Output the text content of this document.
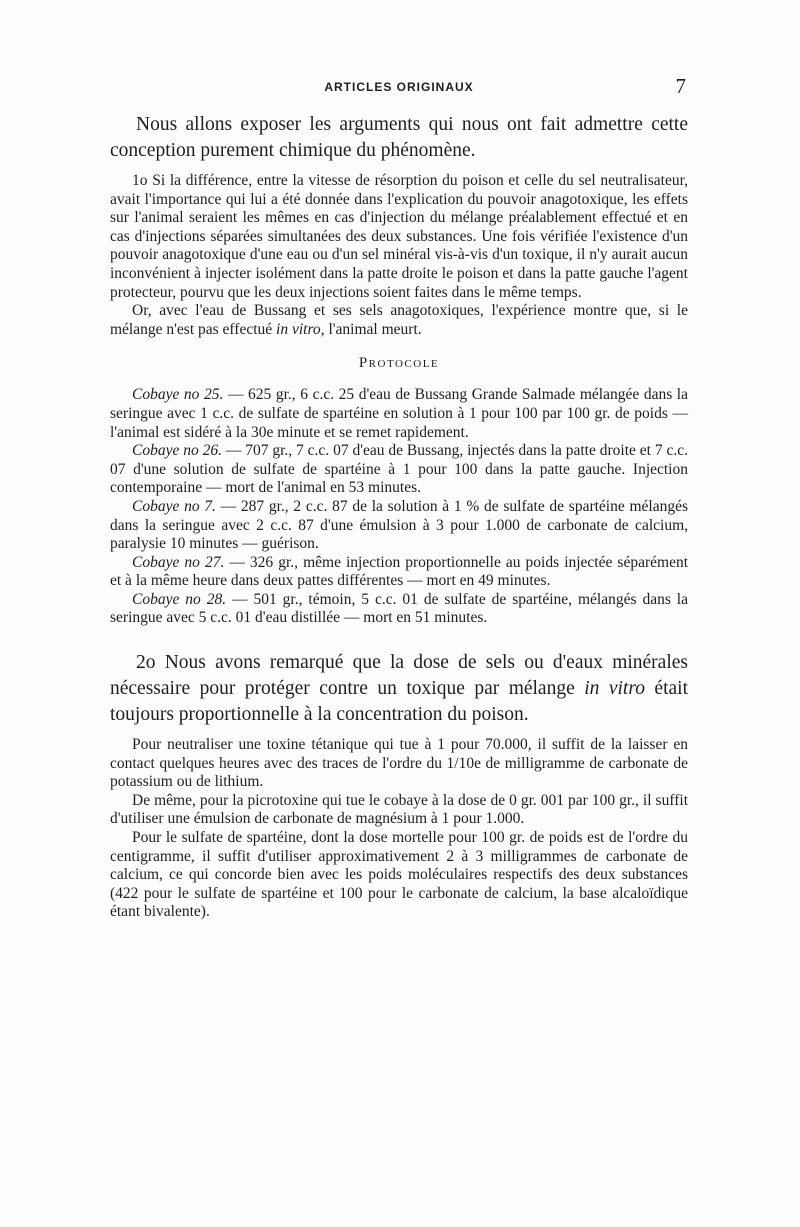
ARTICLES ORIGINAUX	7

Nous allons exposer les arguments qui nous ont fait admettre cette conception purement chimique du phénomène.

1o Si la différence, entre la vitesse de résorption du poison et celle du sel neutralisateur, avait l'importance qui lui a été donnée dans l'explication du pouvoir anagotoxique, les effets sur l'animal seraient les mêmes en cas d'injection du mélange préalablement effectué et en cas d'injections séparées simultanées des deux substances. Une fois vérifiée l'existence d'un pouvoir anagotoxique d'une eau ou d'un sel minéral vis-à-vis d'un toxique, il n'y aurait aucun inconvénient à injecter isolément dans la patte droite le poison et dans la patte gauche l'agent protecteur, pourvu que les deux injections soient faites dans le même temps.

Or, avec l'eau de Bussang et ses sels anagotoxiques, l'expérience montre que, si le mélange n'est pas effectué in vitro, l'animal meurt.

Protocole

Cobaye no 25. — 625 gr., 6 c.c. 25 d'eau de Bussang Grande Salmade mélangée dans la seringue avec 1 c.c. de sulfate de spartéine en solution à 1 pour 100 par 100 gr. de poids — l'animal est sidéré à la 30e minute et se remet rapidement.

Cobaye no 26. — 707 gr., 7 c.c. 07 d'eau de Bussang, injectés dans la patte droite et 7 c.c. 07 d'une solution de sulfate de spartéine à 1 pour 100 dans la patte gauche. Injection contemporaine — mort de l'animal en 53 minutes.

Cobaye no 7. — 287 gr., 2 c.c. 87 de la solution à 1 % de sulfate de spartéine mélangés dans la seringue avec 2 c.c. 87 d'une émulsion à 3 pour 1.000 de carbonate de calcium, paralysie 10 minutes — guérison.

Cobaye no 27. — 326 gr., même injection proportionnelle au poids injectée séparément et à la même heure dans deux pattes différentes — mort en 49 minutes.

Cobaye no 28. — 501 gr., témoin, 5 c.c. 01 de sulfate de spartéine, mélangés dans la seringue avec 5 c.c. 01 d'eau distillée — mort en 51 minutes.

2o Nous avons remarqué que la dose de sels ou d'eaux minérales nécessaire pour protéger contre un toxique par mélange in vitro était toujours proportionnelle à la concentration du poison.

Pour neutraliser une toxine tétanique qui tue à 1 pour 70.000, il suffit de la laisser en contact quelques heures avec des traces de l'ordre du 1/10e de milligramme de carbonate de potassium ou de lithium.

De même, pour la picrotoxine qui tue le cobaye à la dose de 0 gr. 001 par 100 gr., il suffit d'utiliser une émulsion de carbonate de magnésium à 1 pour 1.000.

Pour le sulfate de spartéine, dont la dose mortelle pour 100 gr. de poids est de l'ordre du centigramme, il suffit d'utiliser approximativement 2 à 3 milligrammes de carbonate de calcium, ce qui concorde bien avec les poids moléculaires respectifs des deux substances (422 pour le sulfate de spartéine et 100 pour le carbonate de calcium, la base alcaloïdique étant bivalente).
